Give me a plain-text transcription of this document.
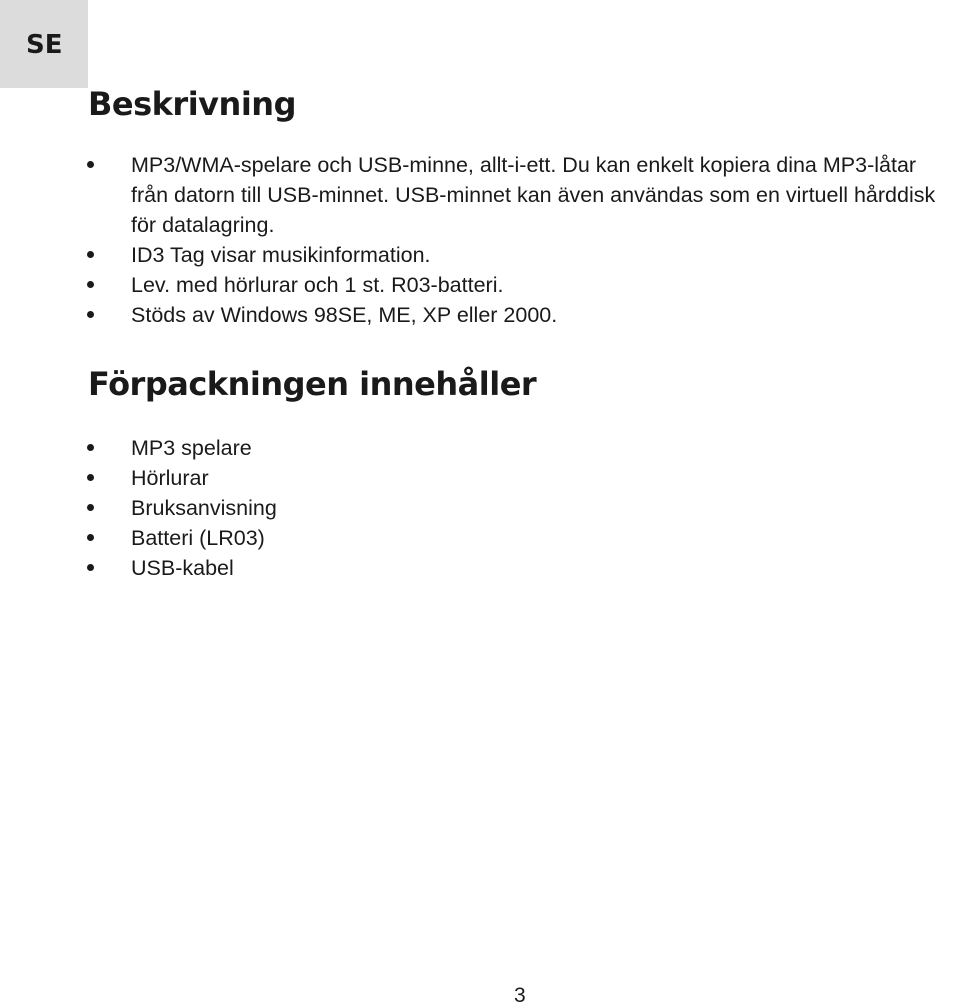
SE
Beskrivning
MP3/WMA-spelare och USB-minne, allt-i-ett. Du kan enkelt kopiera dina MP3-låtar från datorn till USB-minnet. USB-minnet kan även användas som en virtuell hårddisk för datalagring.
ID3 Tag visar musikinformation.
Lev. med hörlurar och 1 st. R03-batteri.
Stöds av Windows 98SE, ME, XP eller 2000.
Förpackningen innehåller
MP3 spelare
Hörlurar
Bruksanvisning
Batteri (LR03)
USB-kabel
3
